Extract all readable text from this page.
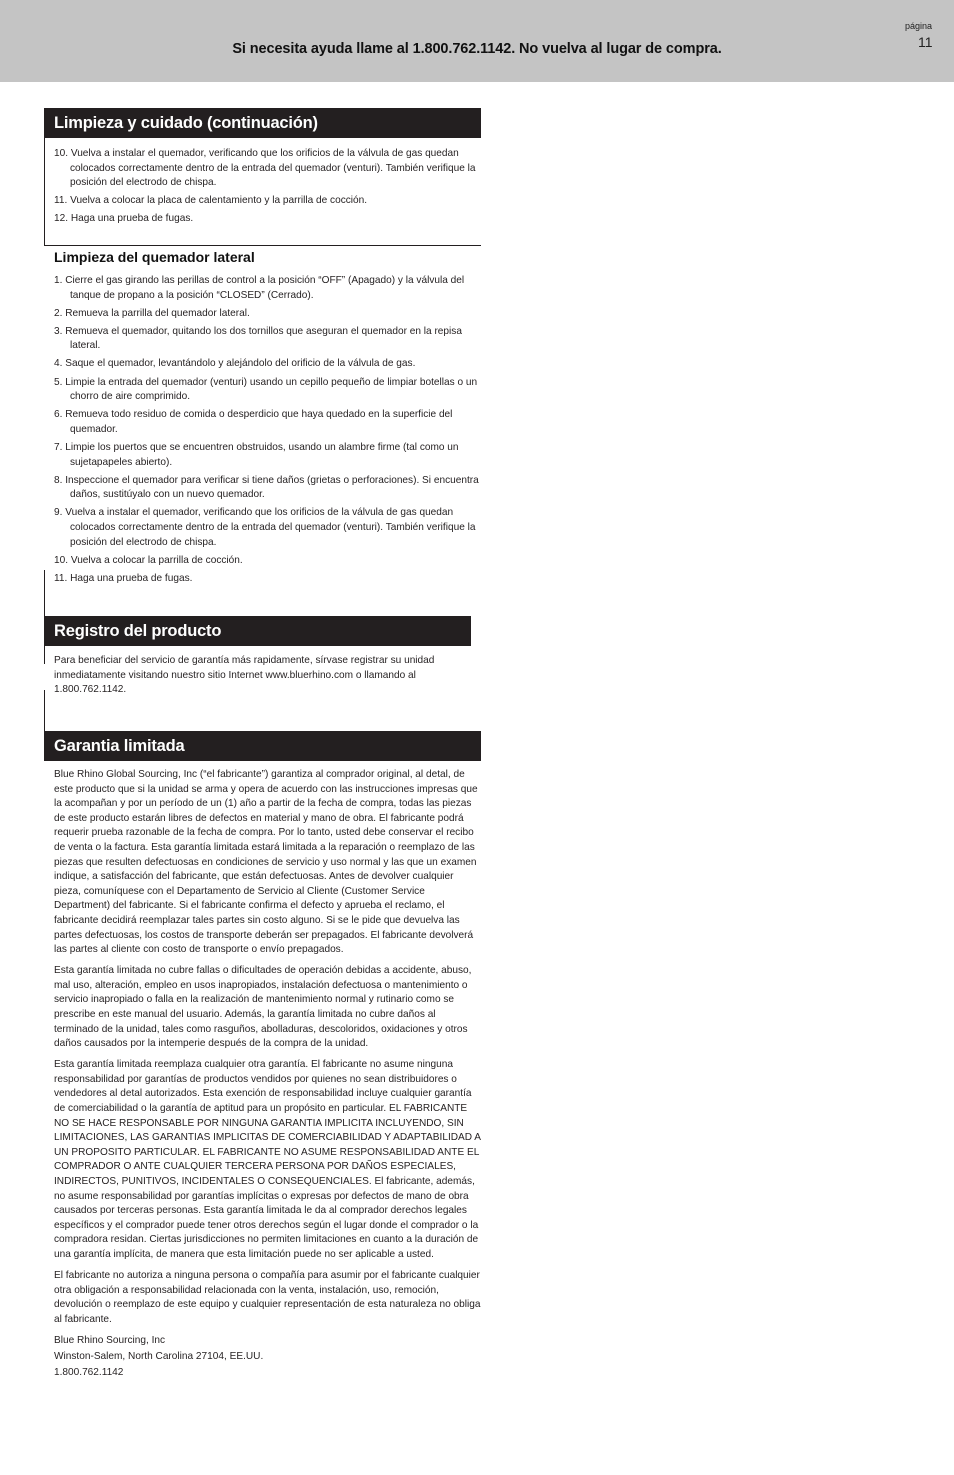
Si necesita ayuda llame al 1.800.762.1142. No vuelva al lugar de compra.
página
11
Limpieza y cuidado (continuación)
10. Vuelva a instalar el quemador, verificando que los orificios de la válvula de gas quedan colocados correctamente dentro de la entrada del quemador (venturi). También verifique la posición del electrodo de chispa.
11. Vuelva a colocar la placa de calentamiento y la parrilla de cocción.
12. Haga una prueba de fugas.
Limpieza del quemador lateral
1. Cierre el gas girando las perillas de control a la posición “OFF” (Apagado) y la válvula del tanque de propano a la posición “CLOSED” (Cerrado).
2. Remueva la parrilla del quemador lateral.
3. Remueva el quemador, quitando los dos tornillos que aseguran el quemador en la repisa lateral.
4. Saque el quemador, levantándolo y alejándolo del orificio de la válvula de gas.
5. Limpie la entrada del quemador (venturi) usando un cepillo pequeño de limpiar botellas o un chorro de aire comprimido.
6. Remueva todo residuo de comida o desperdicio que haya quedado en la superficie del quemador.
7. Limpie los puertos que se encuentren obstruidos, usando un alambre firme (tal como un sujetapapeles abierto).
8. Inspeccione el quemador para verificar si tiene daños (grietas o perforaciones). Si encuentra daños, sustitúyalo con un nuevo quemador.
9. Vuelva a instalar el quemador, verificando que los orificios de la válvula de gas quedan colocados correctamente dentro de la entrada del quemador (venturi). También verifique la posición del electrodo de chispa.
10. Vuelva a colocar la parrilla de cocción.
11. Haga una prueba de fugas.
Registro del producto

Para beneficiar del servicio de garantía más rapidamente, sírvase registrar su unidad inmediatamente visitando nuestro sitio Internet www.bluerhino.com o llamando al 1.800.762.1142.

Garantia limitada

Blue Rhino Global Sourcing, Inc (“el fabricante”) garantiza al comprador original, al detal, de este producto que si la unidad se arma y opera de acuerdo con las instrucciones impresas que la acompañan y por un período de un (1) año a partir de la fecha de compra, todas las piezas de este producto estarán libres de defectos en material y mano de obra. El fabricante podrá requerir prueba razonable de la fecha de compra. Por lo tanto, usted debe conservar el recibo de venta o la factura. Esta garantía limitada estará limitada a la reparación o reemplazo de las piezas que resulten defectuosas en condiciones de servicio y uso normal y las que un examen indique, a satisfacción del fabricante, que están defectuosas. Antes de devolver cualquier pieza, comuníquese con el Departamento de Servicio al Cliente (Customer Service Department) del fabricante. Si el fabricante confirma el defecto y aprueba el reclamo, el fabricante decidirá reemplazar tales partes sin costo alguno. Si se le pide que devuelva las partes defectuosas, los costos de transporte deberán ser prepagados. El fabricante devolverá las partes al cliente con costo de transporte o envío prepagados.

Esta garantía limitada no cubre fallas o dificultades de operación debidas a accidente, abuso, mal uso, alteración, empleo en usos inapropiados, instalación defectuosa o mantenimiento o servicio inapropiado o falla en la realización de mantenimiento normal y rutinario como se prescribe en este manual del usuario. Además, la garantía limitada no cubre daños al terminado de la unidad, tales como rasguños, abolladuras, descoloridos, oxidaciones y otros daños causados por la intemperie después de la compra de la unidad.

Esta garantía limitada reemplaza cualquier otra garantía. El fabricante no asume ninguna responsabilidad por garantías de productos vendidos por quienes no sean distribuidores o vendedores al detal autorizados. Esta exención de responsabilidad incluye cualquier garantía de comerciabilidad o la garantía de aptitud para un propósito en particular. EL FABRICANTE NO SE HACE RESPONSABLE POR NINGUNA GARANTIA IMPLICITA INCLUYENDO, SIN LIMITACIONES, LAS GARANTIAS IMPLICITAS DE COMERCIABILIDAD Y ADAPTABILIDAD A UN PROPOSITO PARTICULAR. EL FABRICANTE NO ASUME RESPONSABILIDAD ANTE EL COMPRADOR O ANTE CUALQUIER TERCERA PERSONA POR DAÑOS ESPECIALES, INDIRECTOS, PUNITIVOS, INCIDENTALES O CONSEQUENCIALES. El fabricante, además, no asume responsabilidad por garantías implícitas o expresas por defectos de mano de obra causados por terceras personas. Esta garantía limitada le da al comprador derechos legales específicos y el comprador puede tener otros derechos según el lugar donde el comprador o la compradora residan. Ciertas jurisdicciones no permiten limitaciones en cuanto a la duración de una garantía implícita, de manera que esta limitación puede no ser aplicable a usted.

El fabricante no autoriza a ninguna persona o compañía para asumir por el fabricante cualquier otra obligación a responsabilidad relacionada con la venta, instalación, uso, remoción, devolución o reemplazo de este equipo y cualquier representación de esta naturaleza no obliga al fabricante.

Blue Rhino Sourcing, Inc

Winston-Salem, North Carolina 27104, EE.UU.

1.800.762.1142
